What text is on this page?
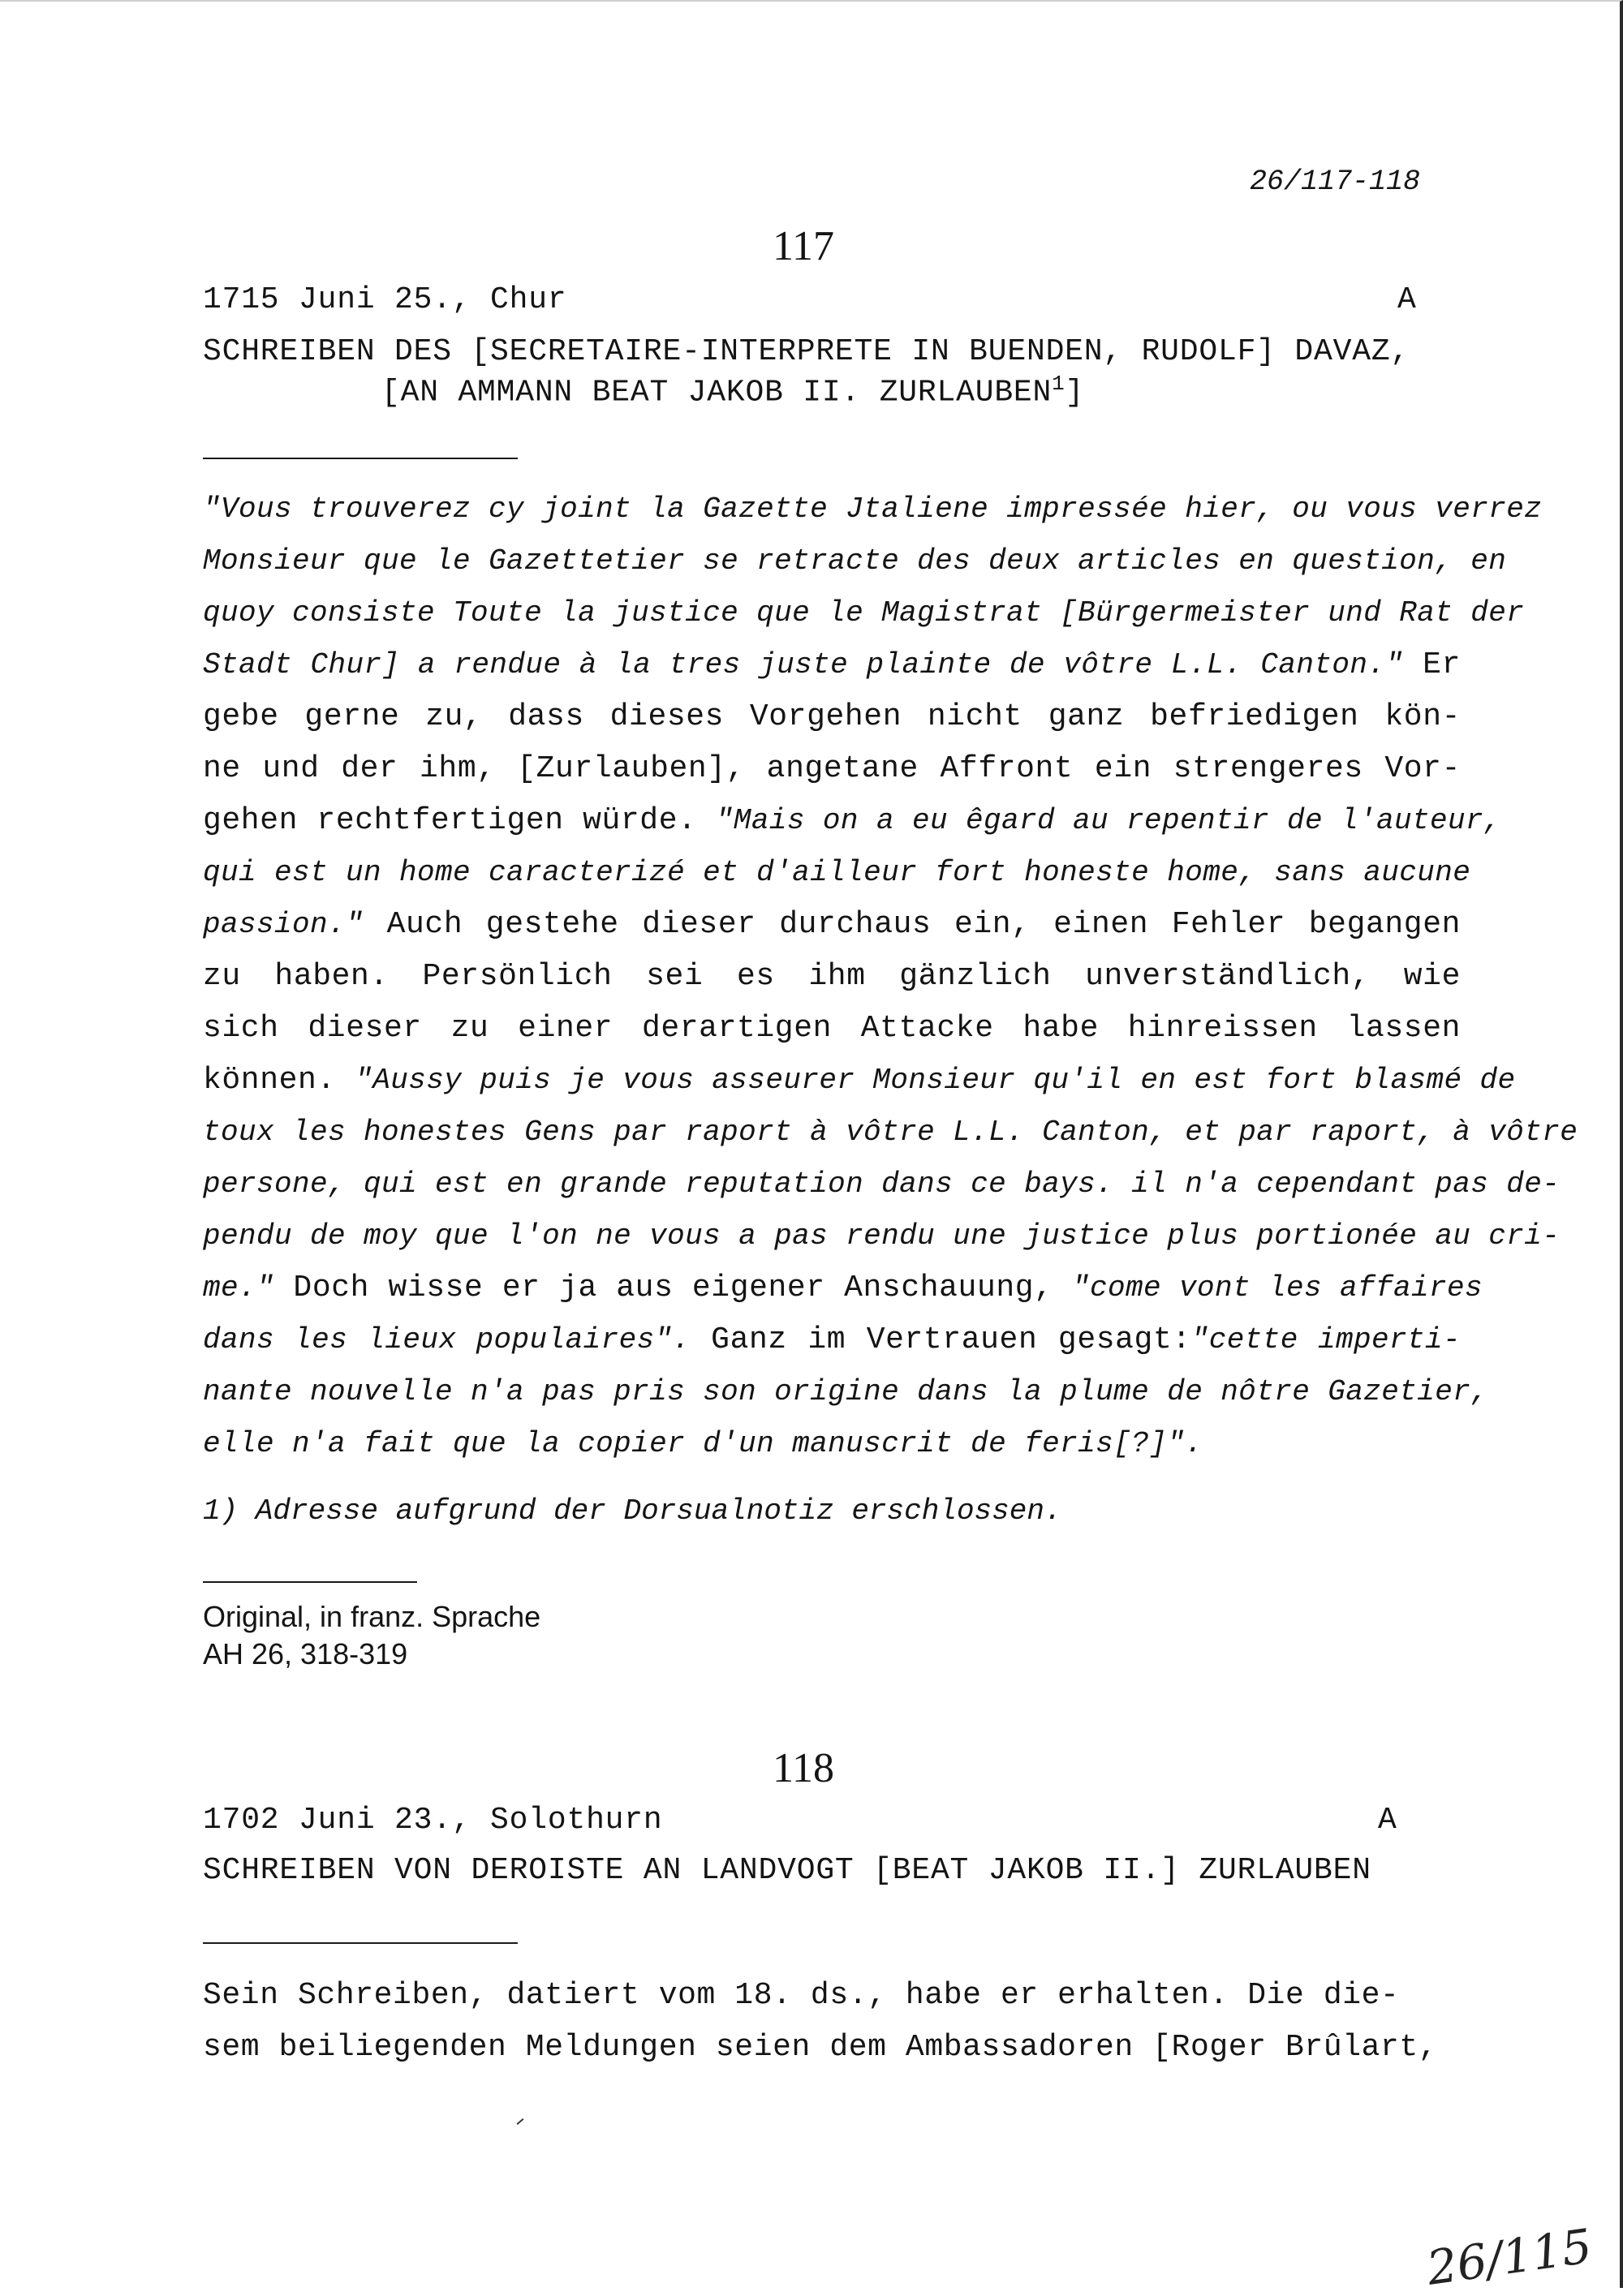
26/117-118
117
1715 Juni 25., Chur	A
SCHREIBEN DES [SECRETAIRE-INTERPRETE IN BUENDEN, RUDOLF] DAVAZ,
[AN AMMANN BEAT JAKOB II. ZURLAUBEN$^1$]
"Vous trouverez cy joint la Gazette Jtaliene impressée hier, ou vous verrez
Monsieur que le Gazettetier se retracte des deux articles en question, en
quoy consiste Toute la justice que le Magistrat [Bürgermeister und Rat der
Stadt Chur] a rendue à la tres juste plainte de vôtre L.L. Canton." Er
gebe gerne zu, dass dieses Vorgehen nicht ganz befriedigen kön-
ne und der ihm, [Zurlauben], angetane Affront ein strengeres Vor-
gehen rechtfertigen würde. "Mais on a eu êgard au repentir de l'auteur,
qui est un home caracterizé et d'ailleur fort honeste home, sans aucune
passion." Auch gestehe dieser durchaus ein, einen Fehler begangen
zu haben. Persönlich sei es ihm gänzlich unverständlich, wie
sich dieser zu einer derartigen Attacke habe hinreissen lassen
können. "Aussy puis je vous asseurer Monsieur qu'il en est fort blasmé de
toux les honestes Gens par raport à vôtre L.L. Canton, et par raport, à vôtre
persone, qui est en grande reputation dans ce bays. il n'a cependant pas de-
pendu de moy que l'on ne vous a pas rendu une justice plus portionée au cri-
me." Doch wisse er ja aus eigener Anschauung, "come vont les affaires
dans les lieux populaires". Ganz im Vertrauen gesagt:"cette imperti-
nante nouvelle n'a pas pris son origine dans la plume de nôtre Gazetier,
elle n'a fait que la copier d'un manuscrit de feris[?]".
1) Adresse aufgrund der Dorsualnotiz erschlossen.
Original, in franz. Sprache
AH 26, 318-319
118
1702 Juni 23., Solothurn	A
SCHREIBEN VON DEROISTE AN LANDVOGT [BEAT JAKOB II.] ZURLAUBEN
Sein Schreiben, datiert vom 18. ds., habe er erhalten. Die die-
sem beiliegenden Meldungen seien dem Ambassadoren [Roger Brûlart,
26/115
